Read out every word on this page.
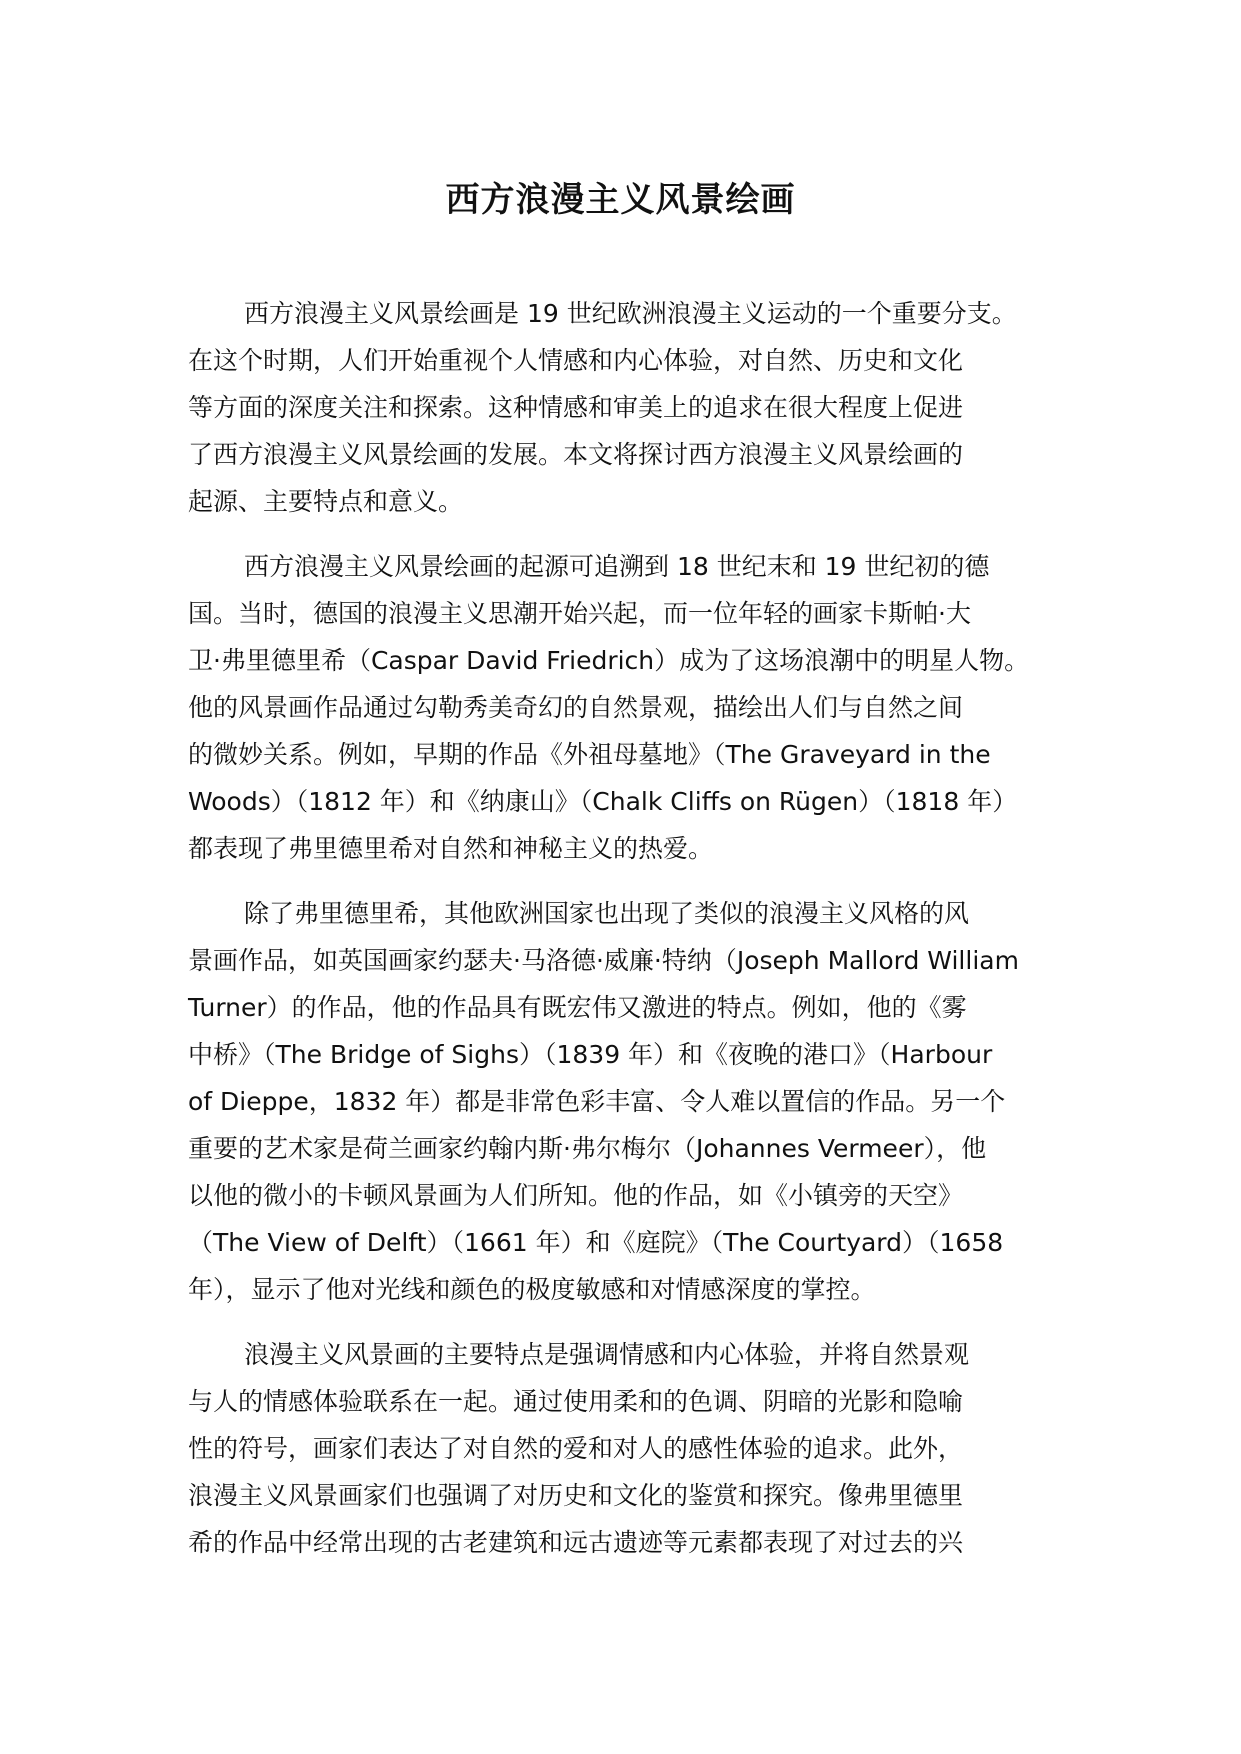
西方浪漫主义风景绘画

西方浪漫主义风景绘画是 19 世纪欧洲浪漫主义运动的一个重要分支。
在这个时期，人们开始重视个人情感和内心体验，对自然、历史和文化
等方面的深度关注和探索。这种情感和审美上的追求在很大程度上促进
了西方浪漫主义风景绘画的发展。本文将探讨西方浪漫主义风景绘画的
起源、主要特点和意义。

西方浪漫主义风景绘画的起源可追溯到 18 世纪末和 19 世纪初的德
国。当时，德国的浪漫主义思潮开始兴起，而一位年轻的画家卡斯帕·大
卫·弗里德里希（Caspar David Friedrich）成为了这场浪潮中的明星人物。
他的风景画作品通过勾勒秀美奇幻的自然景观，描绘出人们与自然之间
的微妙关系。例如，早期的作品《外祖母墓地》（The Graveyard in the
Woods）（1812 年）和《纳康山》（Chalk Cliffs on Rügen）（1818 年）
都表现了弗里德里希对自然和神秘主义的热爱。

除了弗里德里希，其他欧洲国家也出现了类似的浪漫主义风格的风
景画作品，如英国画家约瑟夫·马洛德·威廉·特纳（Joseph Mallord William
Turner）的作品，他的作品具有既宏伟又激进的特点。例如，他的《雾
中桥》（The Bridge of Sighs）（1839 年）和《夜晚的港口》（Harbour
of Dieppe，1832 年）都是非常色彩丰富、令人难以置信的作品。另一个
重要的艺术家是荷兰画家约翰内斯·弗尔梅尔（Johannes Vermeer），他
以他的微小的卡顿风景画为人们所知。他的作品，如《小镇旁的天空》
（The View of Delft）（1661 年）和《庭院》（The Courtyard）（1658
年），显示了他对光线和颜色的极度敏感和对情感深度的掌控。

浪漫主义风景画的主要特点是强调情感和内心体验，并将自然景观
与人的情感体验联系在一起。通过使用柔和的色调、阴暗的光影和隐喻
性的符号，画家们表达了对自然的爱和对人的感性体验的追求。此外，
浪漫主义风景画家们也强调了对历史和文化的鉴赏和探究。像弗里德里
希的作品中经常出现的古老建筑和远古遗迹等元素都表现了对过去的兴
